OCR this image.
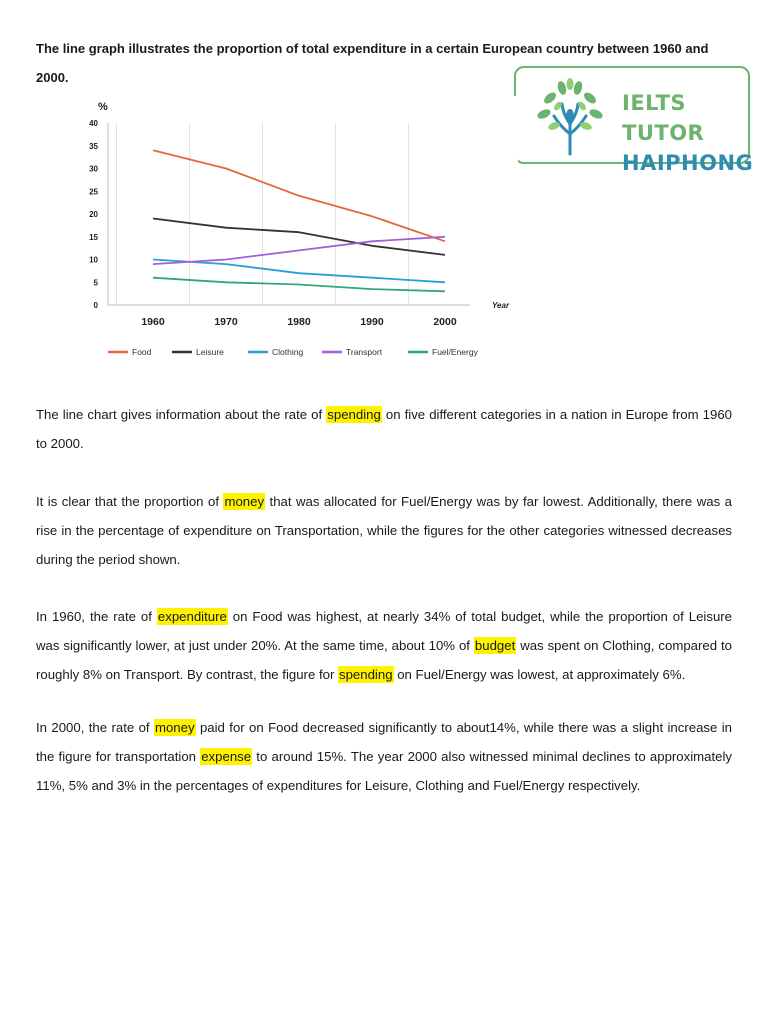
The line graph illustrates the proportion of total expenditure in a certain European country between 1960 and 2000.

IELTS TUTOR
HAIPHONG
0
5
10
15
20
25
30
35
40
%
1960	1970	1980	1990	2000
Year
Food	Leisure	Clothing	Transport	Fuel/Energy

The line chart gives information about the rate of spending on five different categories in a nation in Europe from 1960 to 2000.

It is clear that the proportion of money that was allocated for Fuel/Energy was by far lowest. Additionally, there was a rise in the percentage of expenditure on Transportation, while the figures for the other categories witnessed decreases during the period shown.

In 1960, the rate of expenditure on Food was highest, at nearly 34% of total budget, while the proportion of Leisure was significantly lower, at just under 20%. At the same time, about 10% of budget was spent on Clothing, compared to roughly 8% on Transport. By contrast, the figure for spending on Fuel/Energy was lowest, at approximately 6%.

In 2000, the rate of money paid for on Food decreased significantly to about14%, while there was a slight increase in the figure for transportation expense to around 15%. The year 2000 also witnessed minimal declines to approximately 11%, 5% and 3% in the percentages of expenditures for Leisure, Clothing and Fuel/Energy respectively.
